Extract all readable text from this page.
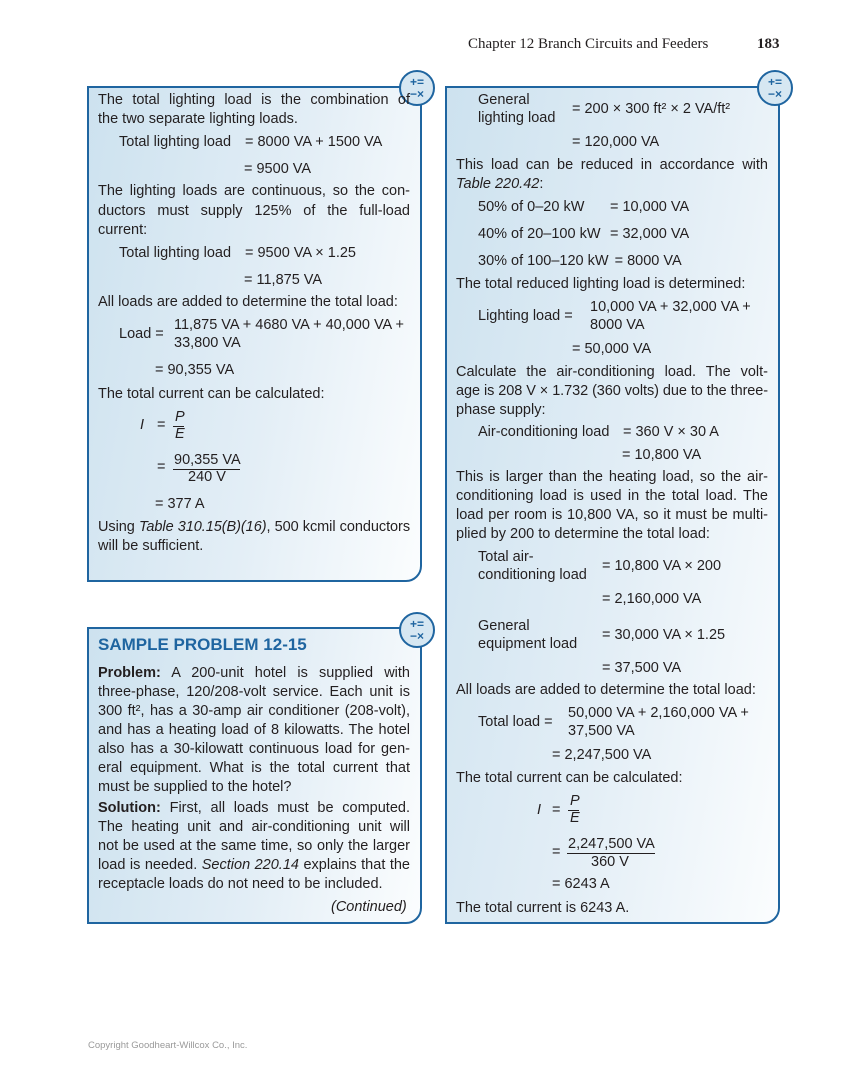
Chapter 12 Branch Circuits and Feeders	183
+=
−×
The total lighting load is the combination of
the two separate lighting loads.
Total lighting load = 8000 VA + 1500 VA
= 9500 VA
The lighting loads are continuous, so the con-
ductors must supply 125% of the full-load
current:
Total lighting load = 9500 VA × 1.25
= 11,875 VA
All loads are added to determine the total load:
Load =
11,875 VA + 4680 VA + 40,000 VA +
33,800 VA
= 90,355 VA
The total current can be calculated:
I = P
E
= 90,355 VA
240 V
= 377 A
Using Table 310.15(B)(16), 500 kcmil conductors
will be sufficient.
+=
−×
SAMPLE PROBLEM 12-15
Problem: A 200-unit hotel is supplied with
three-phase, 120/208-volt service. Each unit is
300 ft², has a 30-amp air conditioner (208-volt),
and has a heating load of 8 kilowatts. The hotel
also has a 30-kilowatt continuous load for gen-
eral equipment. What is the total current that
must be supplied to the hotel?
Solution: First, all loads must be computed.
The heating unit and air-conditioning unit will
not be used at the same time, so only the larger
load is needed. Section 220.14 explains that the
receptacle loads do not need to be included.
(Continued)
+=
−×
General
lighting load
= 200 × 300 ft² × 2 VA/ft²
= 120,000 VA
This load can be reduced in accordance with
Table 220.42:
50% of 0–20 kW	= 10,000 VA
40% of 20–100 kW = 32,000 VA
30% of 100–120 kW = 8000 VA
The total reduced lighting load is determined:
Lighting load =
10,000 VA + 32,000 VA +
8000 VA
= 50,000 VA
Calculate the air-conditioning load. The volt-
age is 208 V × 1.732 (360 volts) due to the three-
phase supply:
Air-conditioning load = 360 V × 30 A
= 10,800 VA
This is larger than the heating load, so the air-
conditioning load is used in the total load. The
load per room is 10,800 VA, so it must be multi-
plied by 200 to determine the total load:
Total air-
conditioning load
= 10,800 VA × 200
= 2,160,000 VA
General
equipment load
= 30,000 VA × 1.25
= 37,500 VA
All loads are added to determine the total load:
Total load =
50,000 VA + 2,160,000 VA +
37,500 VA
= 2,247,500 VA
The total current can be calculated:
I =
P
E
= 2,247,500 VA
360 V
= 6243 A
The total current is 6243 A.
Copyright Goodheart-Willcox Co., Inc.
